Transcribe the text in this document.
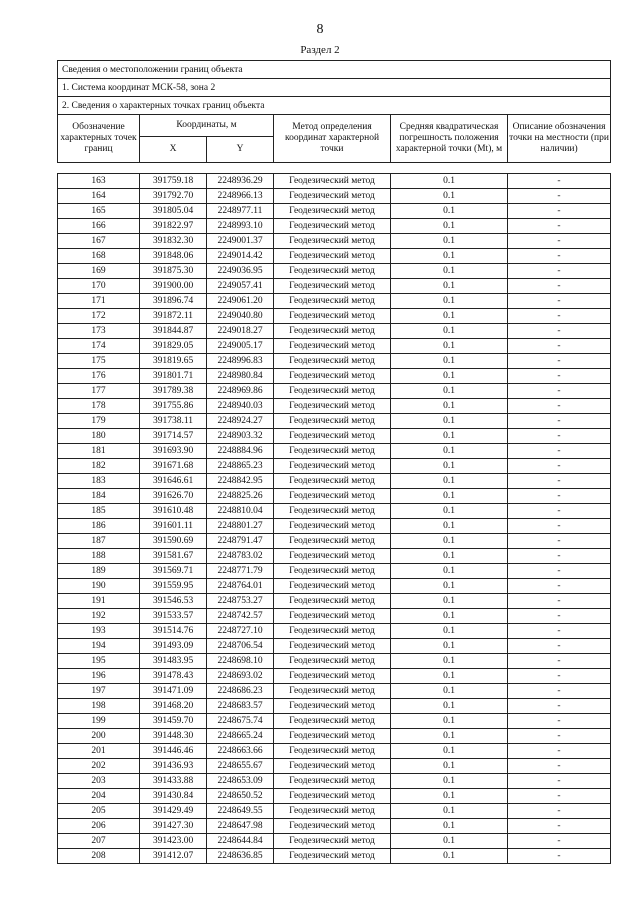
8
Раздел 2
Сведения о местоположении границ объекта					
1. Система координат МСК-58, зона 2					
2. Сведения о характерных точках границ объекта					
Обозначение характерных точек границ	Координаты, м		Метод определения координат характерной точки	Средняя квадратическая погрешность положения характерной точки (Mt), м	Описание обозначения точки на местности (при наличии)
	X	Y			
163	391759.18	2248936.29	Геодезический метод	0.1	-
164	391792.70	2248966.13	Геодезический метод	0.1	-
165	391805.04	2248977.11	Геодезический метод	0.1	-
166	391822.97	2248993.10	Геодезический метод	0.1	-
167	391832.30	2249001.37	Геодезический метод	0.1	-
168	391848.06	2249014.42	Геодезический метод	0.1	-
169	391875.30	2249036.95	Геодезический метод	0.1	-
170	391900.00	2249057.41	Геодезический метод	0.1	-
171	391896.74	2249061.20	Геодезический метод	0.1	-
172	391872.11	2249040.80	Геодезический метод	0.1	-
173	391844.87	2249018.27	Геодезический метод	0.1	-
174	391829.05	2249005.17	Геодезический метод	0.1	-
175	391819.65	2248996.83	Геодезический метод	0.1	-
176	391801.71	2248980.84	Геодезический метод	0.1	-
177	391789.38	2248969.86	Геодезический метод	0.1	-
178	391755.86	2248940.03	Геодезический метод	0.1	-
179	391738.11	2248924.27	Геодезический метод	0.1	-
180	391714.57	2248903.32	Геодезический метод	0.1	-
181	391693.90	2248884.96	Геодезический метод	0.1	-
182	391671.68	2248865.23	Геодезический метод	0.1	-
183	391646.61	2248842.95	Геодезический метод	0.1	-
184	391626.70	2248825.26	Геодезический метод	0.1	-
185	391610.48	2248810.04	Геодезический метод	0.1	-
186	391601.11	2248801.27	Геодезический метод	0.1	-
187	391590.69	2248791.47	Геодезический метод	0.1	-
188	391581.67	2248783.02	Геодезический метод	0.1	-
189	391569.71	2248771.79	Геодезический метод	0.1	-
190	391559.95	2248764.01	Геодезический метод	0.1	-
191	391546.53	2248753.27	Геодезический метод	0.1	-
192	391533.57	2248742.57	Геодезический метод	0.1	-
193	391514.76	2248727.10	Геодезический метод	0.1	-
194	391493.09	2248706.54	Геодезический метод	0.1	-
195	391483.95	2248698.10	Геодезический метод	0.1	-
196	391478.43	2248693.02	Геодезический метод	0.1	-
197	391471.09	2248686.23	Геодезический метод	0.1	-
198	391468.20	2248683.57	Геодезический метод	0.1	-
199	391459.70	2248675.74	Геодезический метод	0.1	-
200	391448.30	2248665.24	Геодезический метод	0.1	-
201	391446.46	2248663.66	Геодезический метод	0.1	-
202	391436.93	2248655.67	Геодезический метод	0.1	-
203	391433.88	2248653.09	Геодезический метод	0.1	-
204	391430.84	2248650.52	Геодезический метод	0.1	-
205	391429.49	2248649.55	Геодезический метод	0.1	-
206	391427.30	2248647.98	Геодезический метод	0.1	-
207	391423.00	2248644.84	Геодезический метод	0.1	-
208	391412.07	2248636.85	Геодезический метод	0.1	-
